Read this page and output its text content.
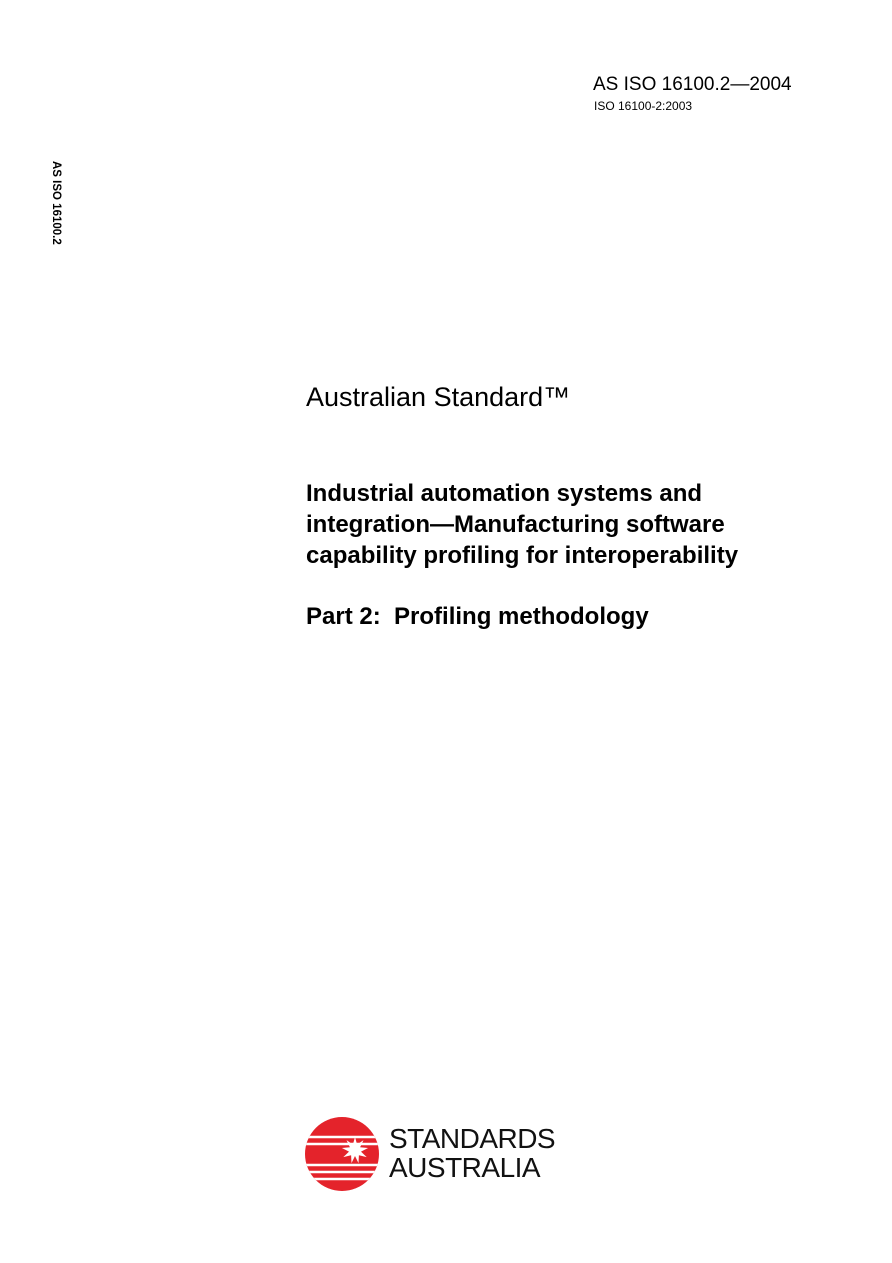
AS ISO 16100.2—2004
ISO 16100-2:2003
AS ISO 16100.2
Australian Standard™
Industrial automation systems and
integration—Manufacturing software
capability profiling for interoperability
Part 2:  Profiling methodology
STANDARDS
AUSTRALIA
